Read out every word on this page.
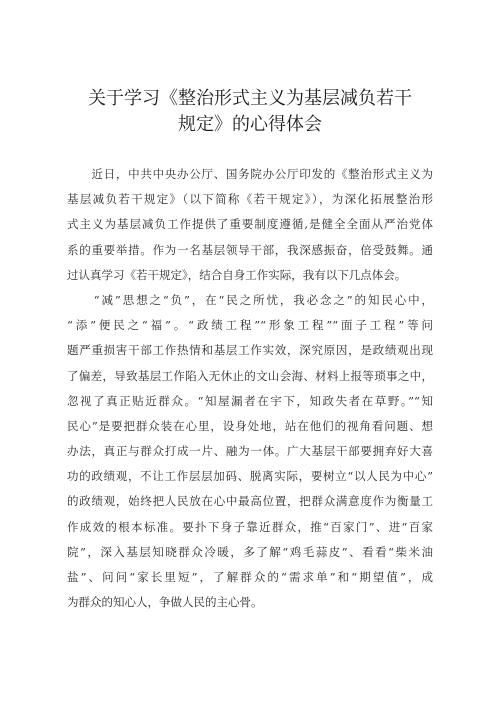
关于学习《整治形式主义为基层减负若干
规定》的心得体会
　　近日，中共中央办公厅、国务院办公厅印发的《整治形式主义为
基层减负若干规定》（以下简称《若干规定》），为深化拓展整治形
式主义为基层减负工作提供了重要制度遵循,是健全全面从严治党体
系的重要举措。作为一名基层领导干部，我深感振奋，倍受鼓舞。通
过认真学习《若干规定》，结合自身工作实际，我有以下几点体会。
　　“减”思想之“负”，在“民之所忧，我必念之”的知民心中，
“添”便民之“福”。“政绩工程”“形象工程”“面子工程”等问
题严重损害干部工作热情和基层工作实效，深究原因，是政绩观出现
了偏差，导致基层工作陷入无休止的文山会海、材料上报等琐事之中，
忽视了真正贴近群众。“知屋漏者在宇下，知政失者在草野。”“知
民心”是要把群众装在心里，设身处地，站在他们的视角看问题、想
办法，真正与群众打成一片、融为一体。广大基层干部要拥弃好大喜
功的政绩观，不让工作层层加码、脱离实际，要树立“以人民为中心”
的政绩观，始终把人民放在心中最高位置，把群众满意度作为衡量工
作成效的根本标准。要扑下身子靠近群众，推“百家门”、进“百家
院”，深入基层知晓群众冷暖，多了解“鸡毛蒜皮”、看看“柴米油
盐”、问问“家长里短”，了解群众的“需求单”和“期望值”，成
为群众的知心人，争做人民的主心骨。
